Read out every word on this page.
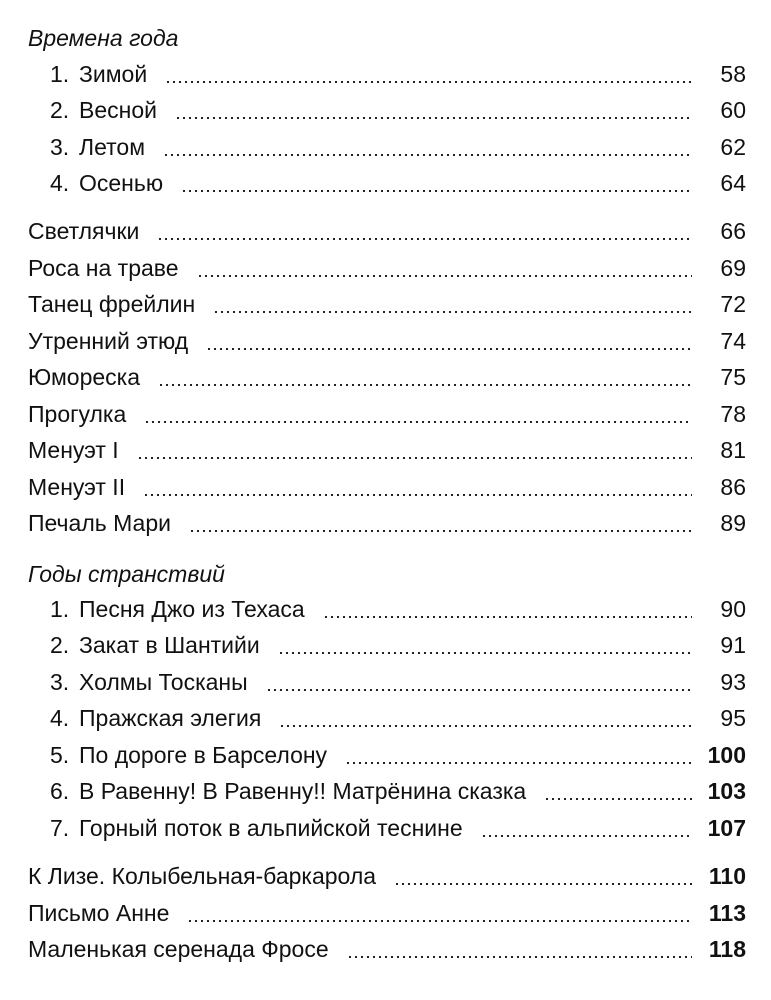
Времена года
1. Зимой	58
2. Весной	60
3. Летом	62
4. Осенью	64
Светлячки	66
Роса на траве	69
Танец фрейлин	72
Утренний этюд	74
Юмореска	75
Прогулка	78
Менуэт I	81
Менуэт II	86
Печаль Мари	89
Годы странствий
1. Песня Джо из Техаса	90
2. Закат в Шантийи	91
3. Холмы Тосканы	93
4. Пражская элегия	95
5. По дороге в Барселону	100
6. В Равенну! В Равенну!! Матрёнина сказка	103
7. Горный поток в альпийской теснине	107
К Лизе. Колыбельная-баркарола	110
Письмо Анне	113
Маленькая серенада Фросе	118
